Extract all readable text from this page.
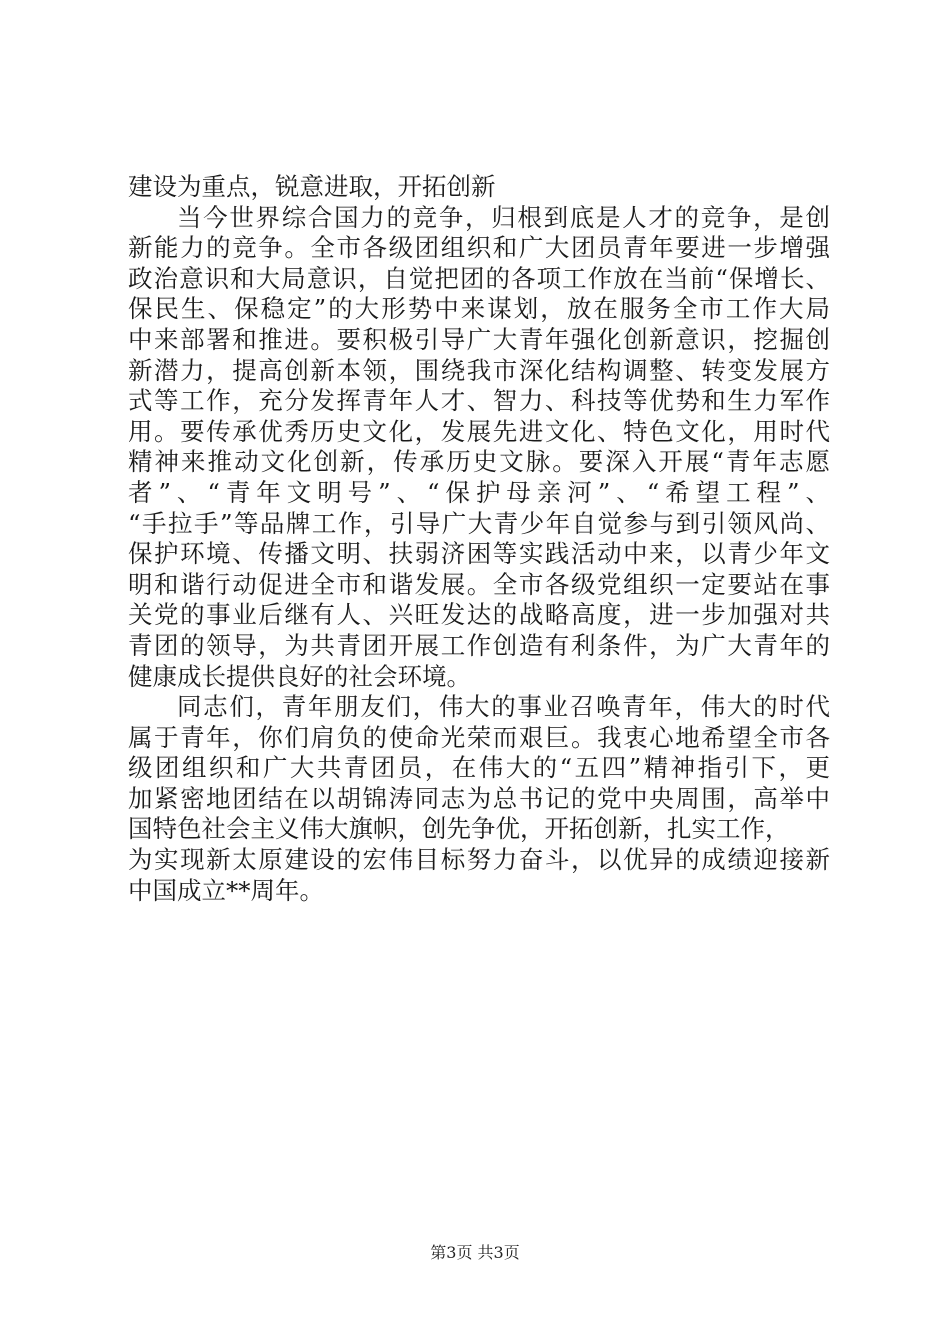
建设为重点，锐意进取，开拓创新
当今世界综合国力的竞争，归根到底是人才的竞争，是创
新能力的竞争。全市各级团组织和广大团员青年要进一步增强
政治意识和大局意识，自觉把团的各项工作放在当前“保增长、
保民生、保稳定”的大形势中来谋划，放在服务全市工作大局
中来部署和推进。要积极引导广大青年强化创新意识，挖掘创
新潜力，提高创新本领，围绕我市深化结构调整、转变发展方
式等工作，充分发挥青年人才、智力、科技等优势和生力军作
用。要传承优秀历史文化，发展先进文化、特色文化，用时代
精神来推动文化创新，传承历史文脉。要深入开展“青年志愿
者”、“青年文明号”、“保护母亲河”、“希望工程”、
“手拉手”等品牌工作，引导广大青少年自觉参与到引领风尚、
保护环境、传播文明、扶弱济困等实践活动中来，以青少年文
明和谐行动促进全市和谐发展。全市各级党组织一定要站在事
关党的事业后继有人、兴旺发达的战略高度，进一步加强对共
青团的领导，为共青团开展工作创造有利条件，为广大青年的
健康成长提供良好的社会环境。
同志们，青年朋友们，伟大的事业召唤青年，伟大的时代
属于青年，你们肩负的使命光荣而艰巨。我衷心地希望全市各
级团组织和广大共青团员，在伟大的“五四”精神指引下，更
加紧密地团结在以胡锦涛同志为总书记的党中央周围，高举中
国特色社会主义伟大旗帜，创先争优，开拓创新，扎实工作，
为实现新太原建设的宏伟目标努力奋斗，以优异的成绩迎接新
中国成立**周年。
第3页 共3页
